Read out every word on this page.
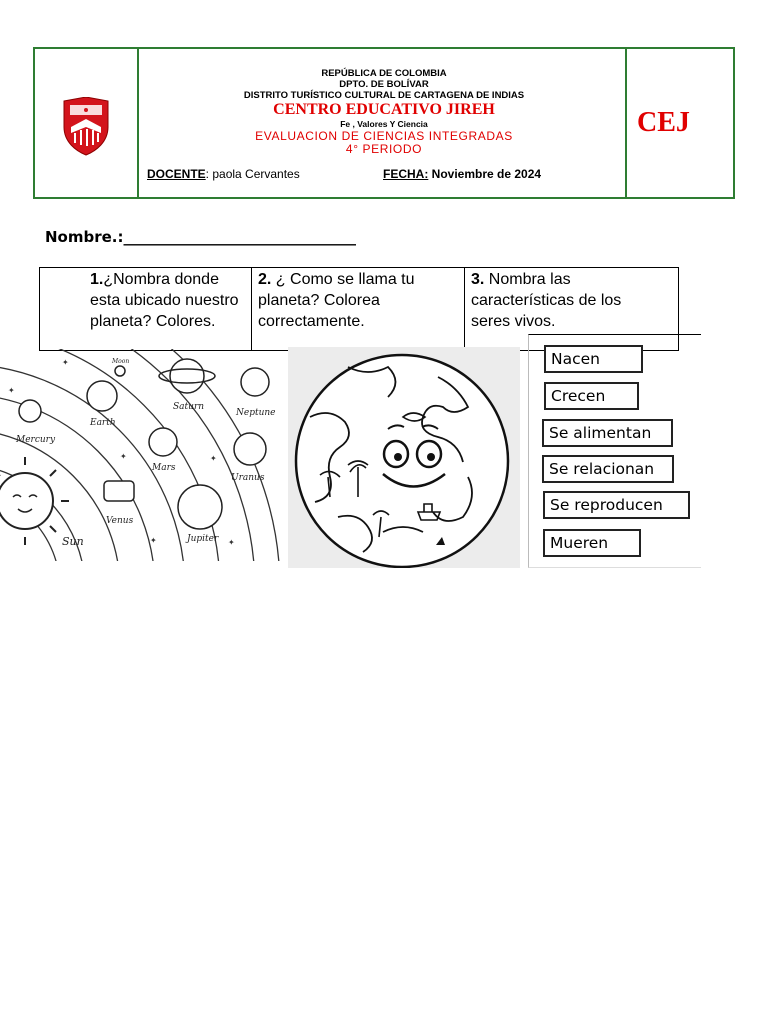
REPÚBLICA DE COLOMBIA
DPTO. DE BOLÍVAR
DISTRITO TURÍSTICO CULTURAL DE CARTAGENA DE INDIAS
CENTRO EDUCATIVO JIREH
Fe , Valores Y Ciencia
EVALUACION DE CIENCIAS INTEGRADAS
4° PERIODO
DOCENTE: paola Cervantes	FECHA: Noviembre de 2024
CEJ
Nombre.:_______________________________
1.¿Nombra donde esta ubicado nuestro planeta? Colores.
2. ¿ Como se llama tu planeta? Colorea correctamente.
3. Nombra las características de los seres vivos.
Moon
Saturn
Neptune
Earth
Mercury
Mars
Uranus
Venus
Jupiter
Sun
✦
✦
✦
✦	✦
✦
Nacen
Crecen
Se alimentan
Se relacionan
Se reproducen
Mueren
